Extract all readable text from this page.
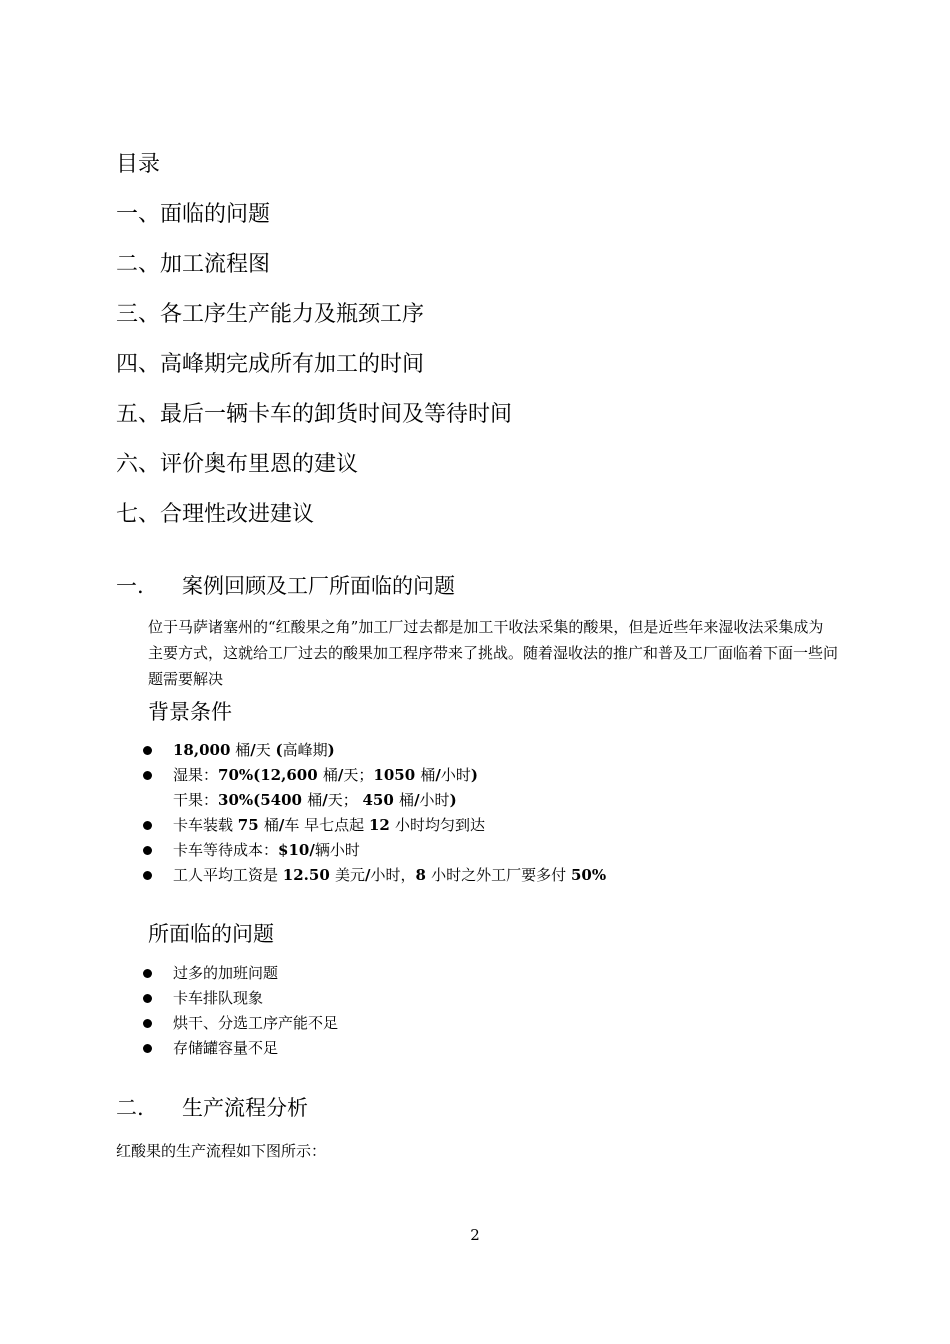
目录
一、面临的问题
二、加工流程图
三、各工序生产能力及瓶颈工序
四、高峰期完成所有加工的时间
五、最后一辆卡车的卸货时间及等待时间
六、评价奥布里恩的建议
七、合理性改进建议
一. 案例回顾及工厂所面临的问题
位于马萨诸塞州的“红酸果之角”加工厂过去都是加工干收法采集的酸果，但是近些年来湿收法采集成为主要方式，这就给工厂过去的酸果加工程序带来了挑战。随着湿收法的推广和普及工厂面临着下面一些问题需要解决
背景条件
18,000 桶/天 (高峰期)
湿果：70%(12,600 桶/天；1050 桶/小时)
干果：30%(5400 桶/天； 450 桶/小时)
卡车装载 75 桶/车 早七点起 12 小时均匀到达
卡车等待成本：$10/辆小时
工人平均工资是 12.50 美元/小时，8 小时之外工厂要多付 50%
所面临的问题
过多的加班问题
卡车排队现象
烘干、分选工序产能不足
存储罐容量不足
二. 生产流程分析
红酸果的生产流程如下图所示：
2
